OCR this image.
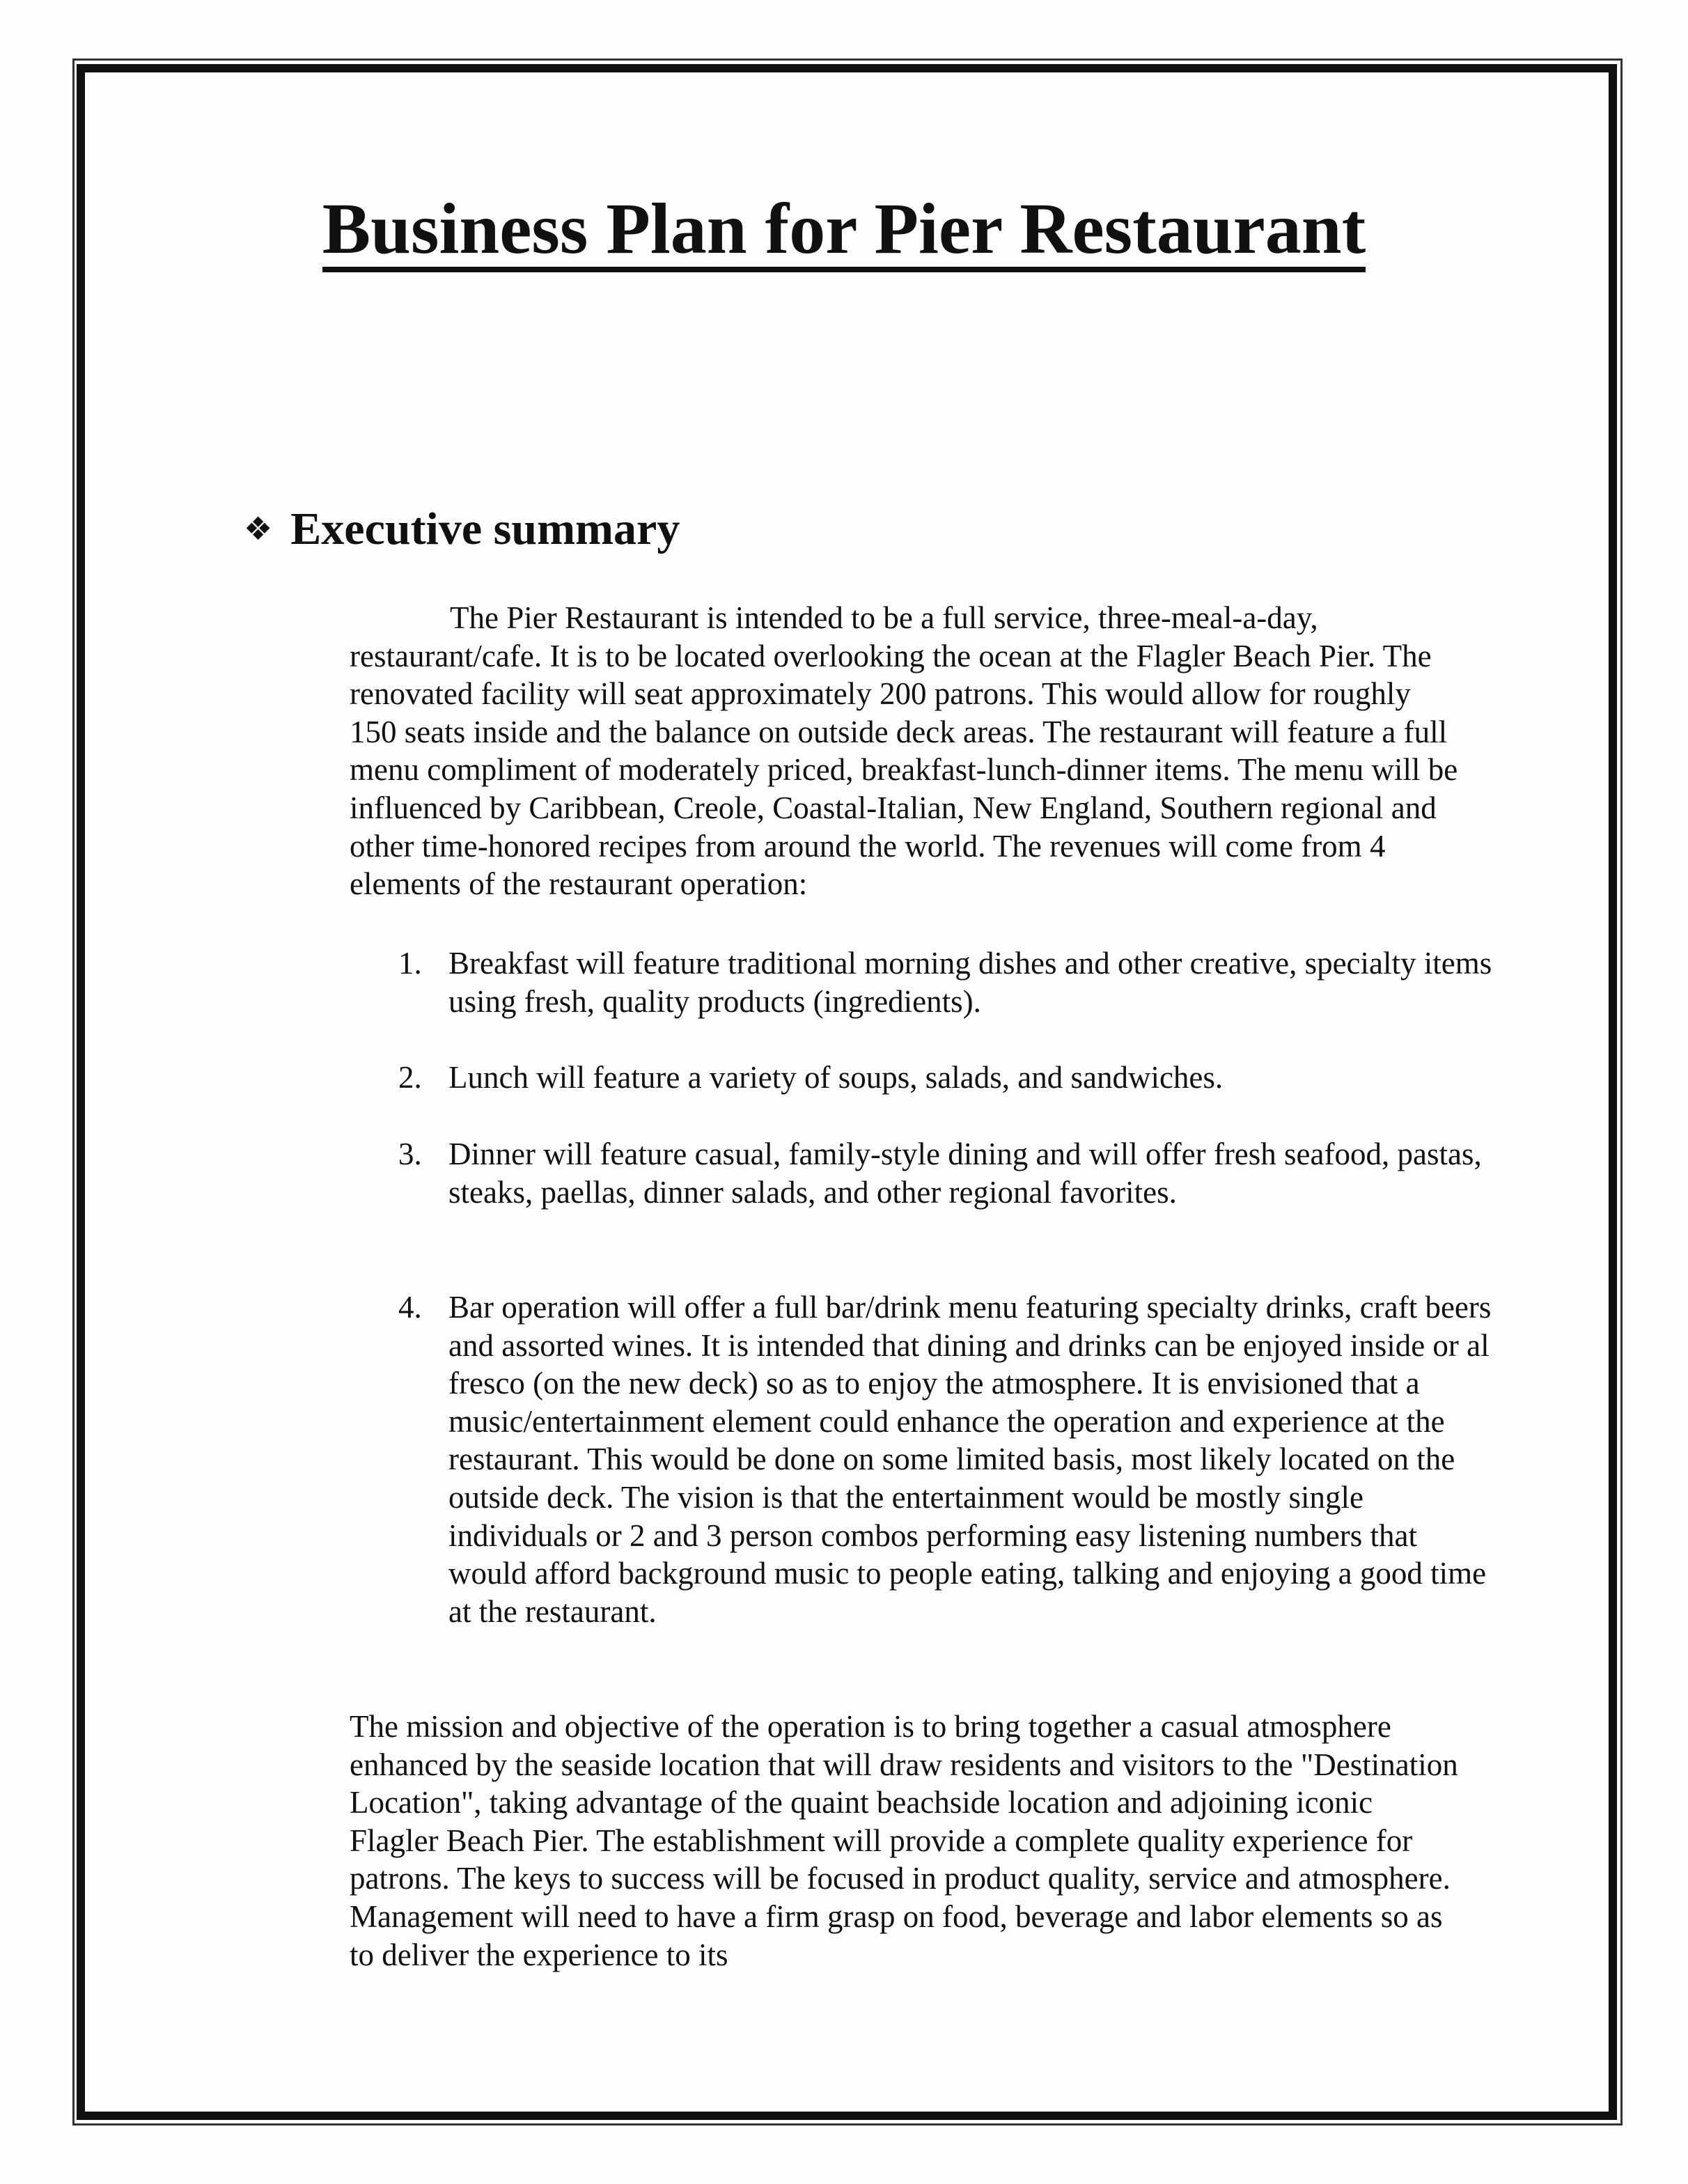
Business Plan for Pier Restaurant
❖ Executive summary

The Pier Restaurant is intended to be a full service, three-meal-a-day, restaurant/cafe. It is to be located overlooking the ocean at the Flagler Beach Pier. The renovated facility will seat approximately 200 patrons. This would allow for roughly 150 seats inside and the balance on outside deck areas. The restaurant will feature a full menu compliment of moderately priced, breakfast-lunch-dinner items. The menu will be influenced by Caribbean, Creole, Coastal-Italian, New England, Southern regional and other time-honored recipes from around the world. The revenues will come from 4 elements of the restaurant operation:

1. Breakfast will feature traditional morning dishes and other creative, specialty items using fresh, quality products (ingredients).
2. Lunch will feature a variety of soups, salads, and sandwiches.
3. Dinner will feature casual, family-style dining and will offer fresh seafood, pastas, steaks, paellas, dinner salads, and other regional favorites.
4. Bar operation will offer a full bar/drink menu featuring specialty drinks, craft beers and assorted wines. It is intended that dining and drinks can be enjoyed inside or al fresco (on the new deck) so as to enjoy the atmosphere. It is envisioned that a music/entertainment element could enhance the operation and experience at the restaurant. This would be done on some limited basis, most likely located on the outside deck. The vision is that the entertainment would be mostly single individuals or 2 and 3 person combos performing easy listening numbers that would afford background music to people eating, talking and enjoying a good time at the restaurant.

The mission and objective of the operation is to bring together a casual atmosphere enhanced by the seaside location that will draw residents and visitors to the "Destination Location", taking advantage of the quaint beachside location and adjoining iconic Flagler Beach Pier. The establishment will provide a complete quality experience for patrons. The keys to success will be focused in product quality, service and atmosphere. Management will need to have a firm grasp on food, beverage and labor elements so as to deliver the experience to its
